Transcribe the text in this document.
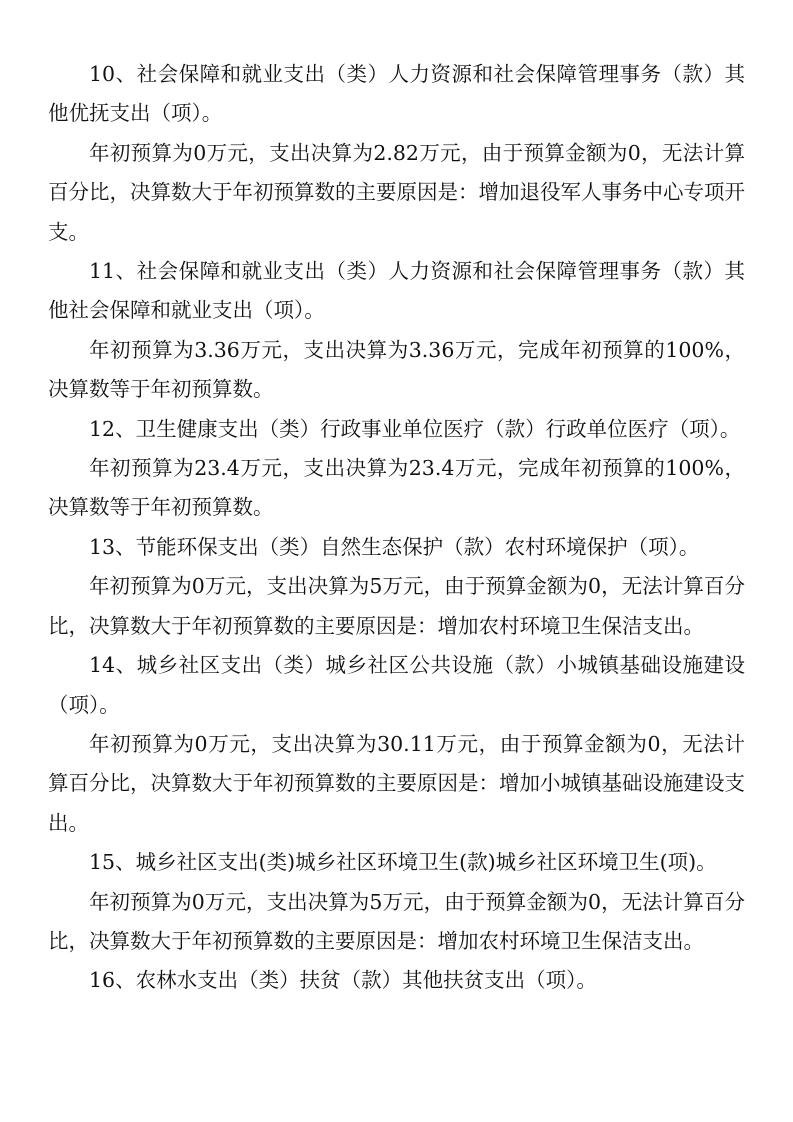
10、社会保障和就业支出（类）人力资源和社会保障管理事务（款）其他优抚支出（项）。

年初预算为0万元，支出决算为2.82万元，由于预算金额为0，无法计算百分比，决算数大于年初预算数的主要原因是：增加退役军人事务中心专项开支。

11、社会保障和就业支出（类）人力资源和社会保障管理事务（款）其他社会保障和就业支出（项）。

年初预算为3.36万元，支出决算为3.36万元，完成年初预算的100%，决算数等于年初预算数。

12、卫生健康支出（类）行政事业单位医疗（款）行政单位医疗（项）。

年初预算为23.4万元，支出决算为23.4万元，完成年初预算的100%，决算数等于年初预算数。

13、节能环保支出（类）自然生态保护（款）农村环境保护（项）。

年初预算为0万元，支出决算为5万元，由于预算金额为0，无法计算百分比，决算数大于年初预算数的主要原因是：增加农村环境卫生保洁支出。

14、城乡社区支出（类）城乡社区公共设施（款）小城镇基础设施建设（项）。

年初预算为0万元，支出决算为30.11万元，由于预算金额为0，无法计算百分比，决算数大于年初预算数的主要原因是：增加小城镇基础设施建设支出。

15、城乡社区支出(类)城乡社区环境卫生(款)城乡社区环境卫生(项)。

年初预算为0万元，支出决算为5万元，由于预算金额为0，无法计算百分比，决算数大于年初预算数的主要原因是：增加农村环境卫生保洁支出。

16、农林水支出（类）扶贫（款）其他扶贫支出（项）。
